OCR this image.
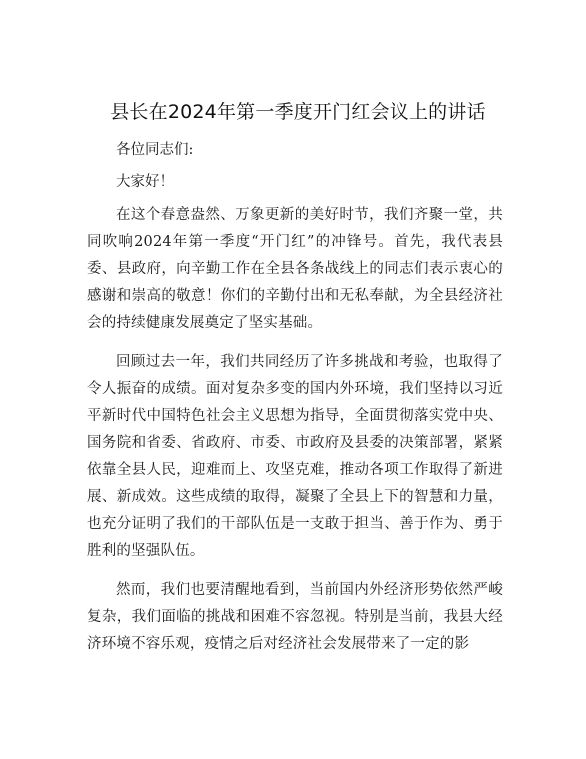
县长在2024年第一季度开门红会议上的讲话

各位同志们:

大家好！

在这个春意盎然、万象更新的美好时节，我们齐聚一堂，共同吹响2024年第一季度“开门红”的冲锋号。首先，我代表县委、县政府，向辛勤工作在全县各条战线上的同志们表示衷心的感谢和崇高的敬意！你们的辛勤付出和无私奉献，为全县经济社会的持续健康发展奠定了坚实基础。

回顾过去一年，我们共同经历了许多挑战和考验，也取得了令人振奋的成绩。面对复杂多变的国内外环境，我们坚持以习近平新时代中国特色社会主义思想为指导，全面贯彻落实党中央、国务院和省委、省政府、市委、市政府及县委的决策部署，紧紧依靠全县人民，迎难而上、攻坚克难，推动各项工作取得了新进展、新成效。这些成绩的取得，凝聚了全县上下的智慧和力量，也充分证明了我们的干部队伍是一支敢于担当、善于作为、勇于胜利的坚强队伍。

然而，我们也要清醒地看到，当前国内外经济形势依然严峻复杂，我们面临的挑战和困难不容忽视。特别是当前，我县大经济环境不容乐观，疫情之后对经济社会发展带来了一定的影
